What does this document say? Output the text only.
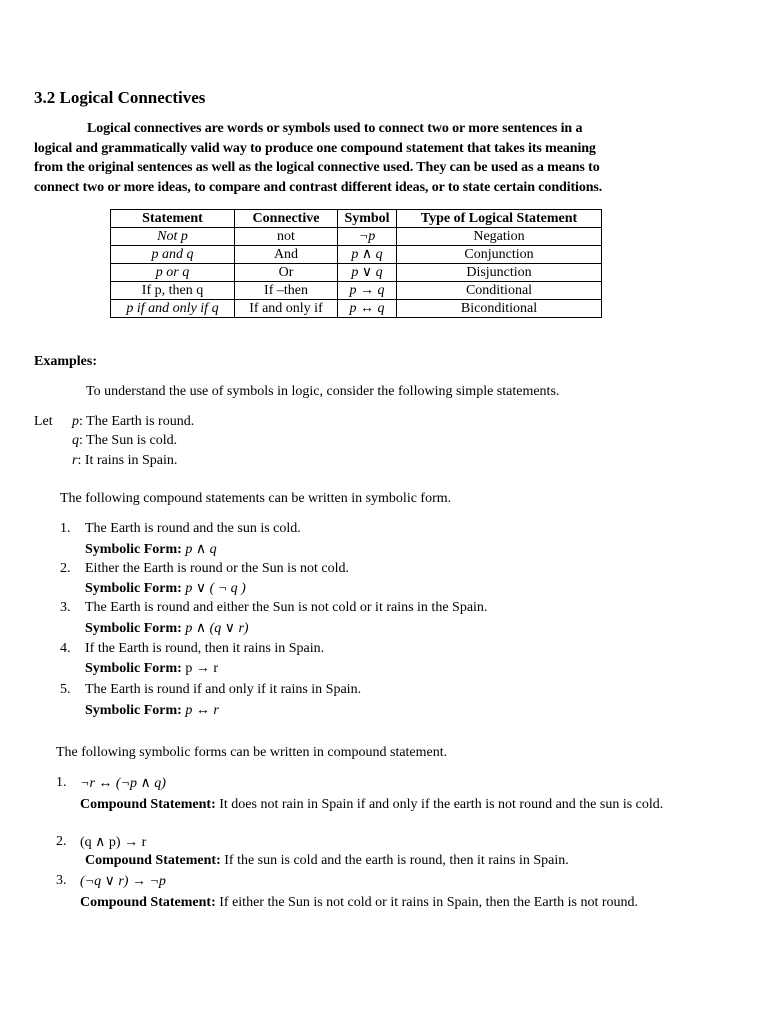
3.2 Logical Connectives
Logical connectives are words or symbols used to connect two or more sentences in a
logical and grammatically valid way to produce one compound statement that takes its meaning
from the original sentences as well as the logical connective used. They can be used as a means to
connect two or more ideas, to compare and contrast different ideas, or to state certain conditions.
Statement	Connective	Symbol	Type of Logical Statement
Not p	not	¬p	Negation
p and q	And	p ∧ q	Conjunction
p or q	Or	p ∨ q	Disjunction
If p, then q	If –then	p → q	Conditional
p if and only if q	If and only if	p ↔ q	Biconditional
Examples:
To understand the use of symbols in logic, consider the following simple statements.
Let p: The Earth is round.
q: The Sun is cold.
r: It rains in Spain.
The following compound statements can be written in symbolic form.
1. The Earth is round and the sun is cold.
Symbolic Form: p ∧ q
2. Either the Earth is round or the Sun is not cold.
Symbolic Form: p ∨ ( ¬ q )
3. The Earth is round and either the Sun is not cold or it rains in the Spain.
Symbolic Form: p ∧ (q ∨ r)
4. If the Earth is round, then it rains in Spain.
Symbolic Form: p → r
5. The Earth is round if and only if it rains in Spain.
Symbolic Form: p ↔ r
The following symbolic forms can be written in compound statement.
1. ¬r ↔ (¬p ∧ q)
Compound Statement: It does not rain in Spain if and only if the earth is not round and the sun is cold.
2. (q ∧ p) → r
Compound Statement: If the sun is cold and the earth is round, then it rains in Spain.
3. (¬q ∨ r) → ¬p
Compound Statement: If either the Sun is not cold or it rains in Spain, then the Earth is not round.
